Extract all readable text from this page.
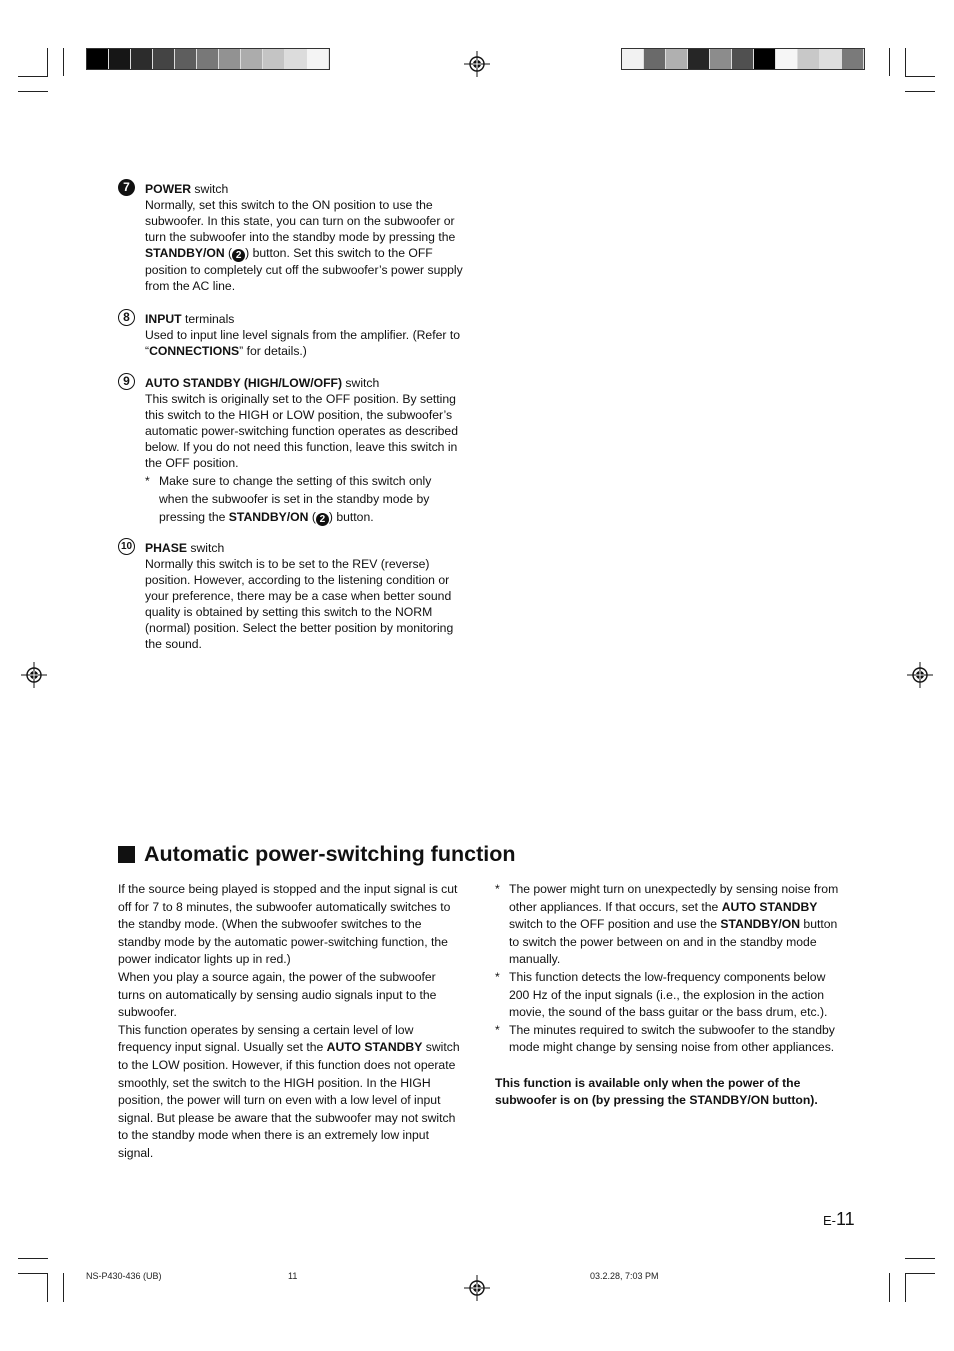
7	POWER switch

Normally, set this switch to the ON position to use the subwoofer. In this state, you can turn on the subwoofer or turn the subwoofer into the standby mode by pressing the STANDBY/ON ( 2 ) button. Set this switch to the OFF position to completely cut off the subwoofer’s power supply from the AC line.

8	INPUT terminals

Used to input line level signals from the amplifier. (Refer to “CONNECTIONS” for details.)

9	AUTO STANDBY (HIGH/LOW/OFF) switch

This switch is originally set to the OFF position. By setting this switch to the HIGH or LOW position, the subwoofer’s automatic power-switching function operates as described below. If you do not need this function, leave this switch in the OFF position.

* Make sure to change the setting of this switch only when the subwoofer is set in the standby mode by pressing the STANDBY/ON ( 2 ) button.
10 PHASE switch

Normally this switch is to be set to the REV (reverse) position. However, according to the listening condition or your preference, there may be a case when better sound quality is obtained by setting this switch to the NORM (normal) position. Select the better position by monitoring the sound.

Automatic power-switching function

If the source being played is stopped and the input signal is cut off for 7 to 8 minutes, the subwoofer automatically switches to the standby mode. (When the subwoofer switches to the standby mode by the automatic power-switching function, the power indicator lights up in red.)

When you play a source again, the power of the subwoofer turns on automatically by sensing audio signals input to the subwoofer.

This function operates by sensing a certain level of low frequency input signal. Usually set the AUTO STANDBY switch to the LOW position. However, if this function does not operate smoothly, set the switch to the HIGH position. In the HIGH position, the power will turn on even with a low level of input signal. But please be aware that the subwoofer may not switch to the standby mode when there is an extremely low input signal.

* The power might turn on unexpectedly by sensing noise from other appliances. If that occurs, set the AUTO STANDBY switch to the OFF position and use the STANDBY/ON button to switch the power between on and in the standby mode manually.
* This function detects the low-frequency components below 200 Hz of the input signals (i.e., the explosion in the action movie, the sound of the bass guitar or the bass drum, etc.).
* The minutes required to switch the subwoofer to the standby mode might change by sensing noise from other appliances.

This function is available only when the power of the subwoofer is on (by pressing the STANDBY/ON button).

E-11
NS-P430-436 (UB)	11	03.2.28, 7:03 PM
